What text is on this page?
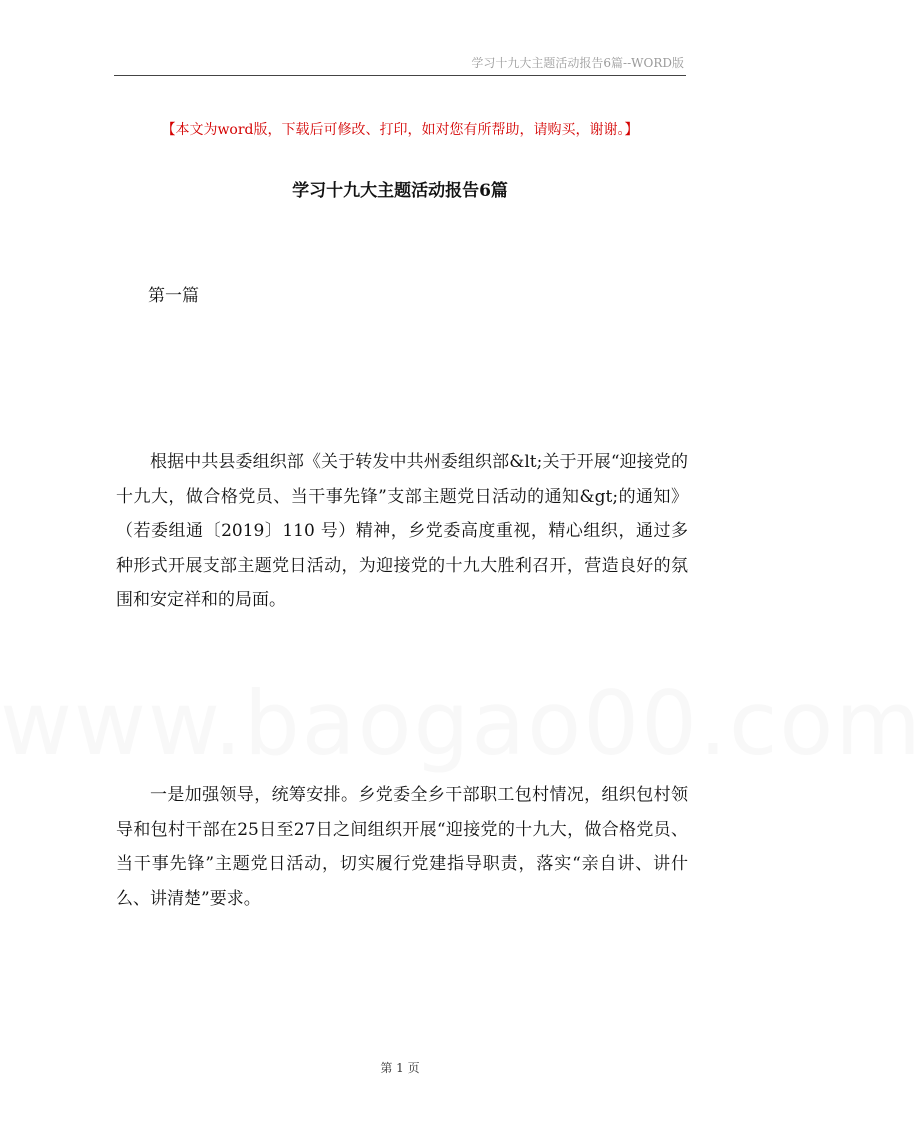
学习十九大主题活动报告6篇--WORD版
【本文为word版，下载后可修改、打印，如对您有所帮助，请购买，谢谢。】
学习十九大主题活动报告6篇
第一篇

根据中共县委组织部《关于转发中共州委组织部&lt;关于开展“迎接党的十九大，做合格党员、当干事先锋”支部主题党日活动的通知&gt;的通知》（若委组通〔2019〕110 号）精神，乡党委高度重视，精心组织，通过多种形式开展支部主题党日活动，为迎接党的十九大胜利召开，营造良好的氛围和安定祥和的局面。

www.baogao00.com

一是加强领导，统筹安排。乡党委全乡干部职工包村情况，组织包村领导和包村干部在25日至27日之间组织开展“迎接党的十九大，做合格党员、当干事先锋”主题党日活动，切实履行党建指导职责，落实“亲自讲、讲什么、讲清楚”要求。

第 1 页
